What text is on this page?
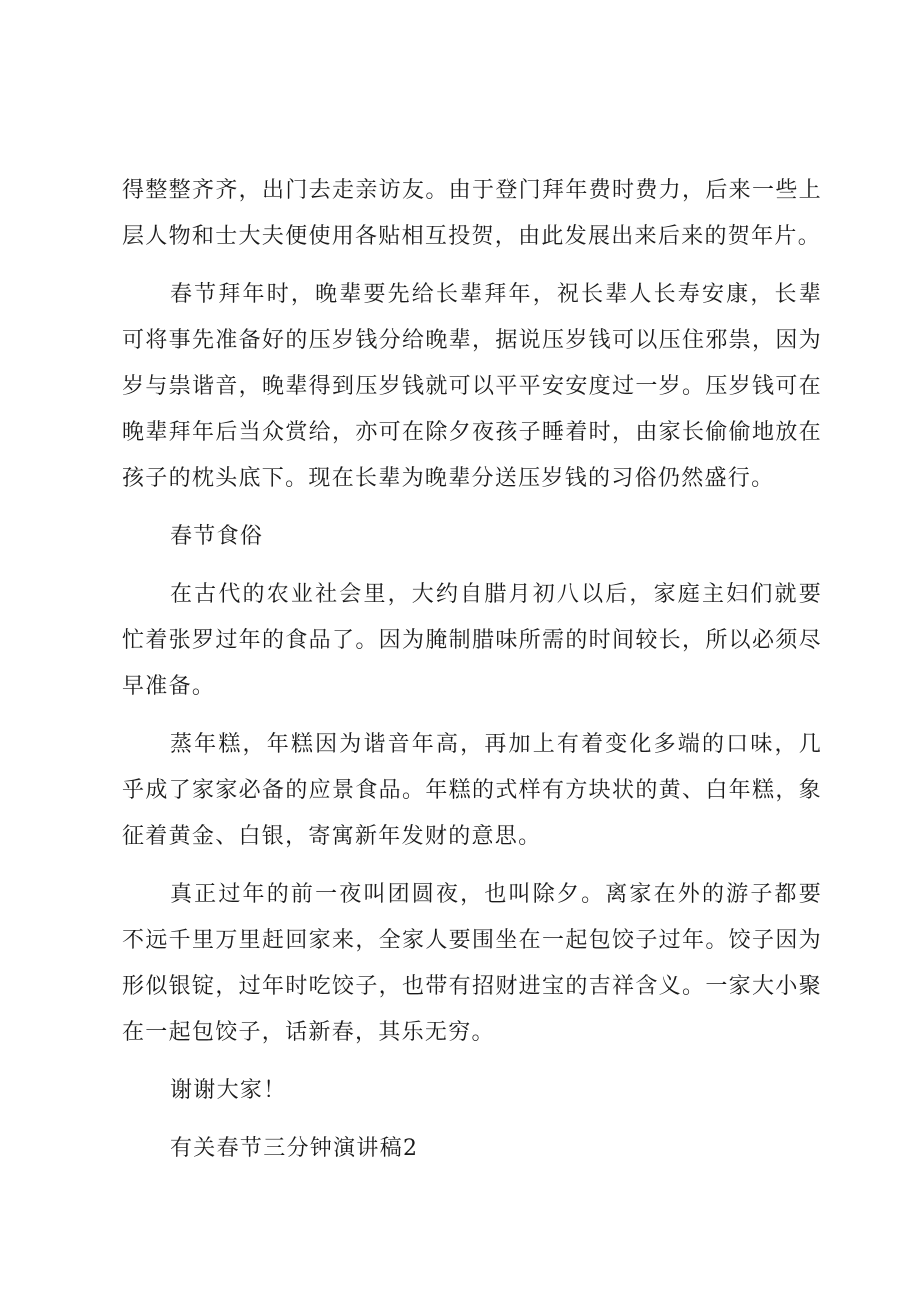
得整整齐齐，出门去走亲访友。由于登门拜年费时费力，后来一些上层人物和士大夫便使用各贴相互投贺，由此发展出来后来的贺年片。

春节拜年时，晚辈要先给长辈拜年，祝长辈人长寿安康，长辈可将事先准备好的压岁钱分给晚辈，据说压岁钱可以压住邪祟，因为岁与祟谐音，晚辈得到压岁钱就可以平平安安度过一岁。压岁钱可在晚辈拜年后当众赏给，亦可在除夕夜孩子睡着时，由家长偷偷地放在孩子的枕头底下。现在长辈为晚辈分送压岁钱的习俗仍然盛行。

春节食俗

在古代的农业社会里，大约自腊月初八以后，家庭主妇们就要忙着张罗过年的食品了。因为腌制腊味所需的时间较长，所以必须尽早准备。

蒸年糕，年糕因为谐音年高，再加上有着变化多端的口味，几乎成了家家必备的应景食品。年糕的式样有方块状的黄、白年糕，象征着黄金、白银，寄寓新年发财的意思。

真正过年的前一夜叫团圆夜，也叫除夕。离家在外的游子都要不远千里万里赶回家来，全家人要围坐在一起包饺子过年。饺子因为形似银锭，过年时吃饺子，也带有招财进宝的吉祥含义。一家大小聚在一起包饺子，话新春，其乐无穷。

谢谢大家！

有关春节三分钟演讲稿2
